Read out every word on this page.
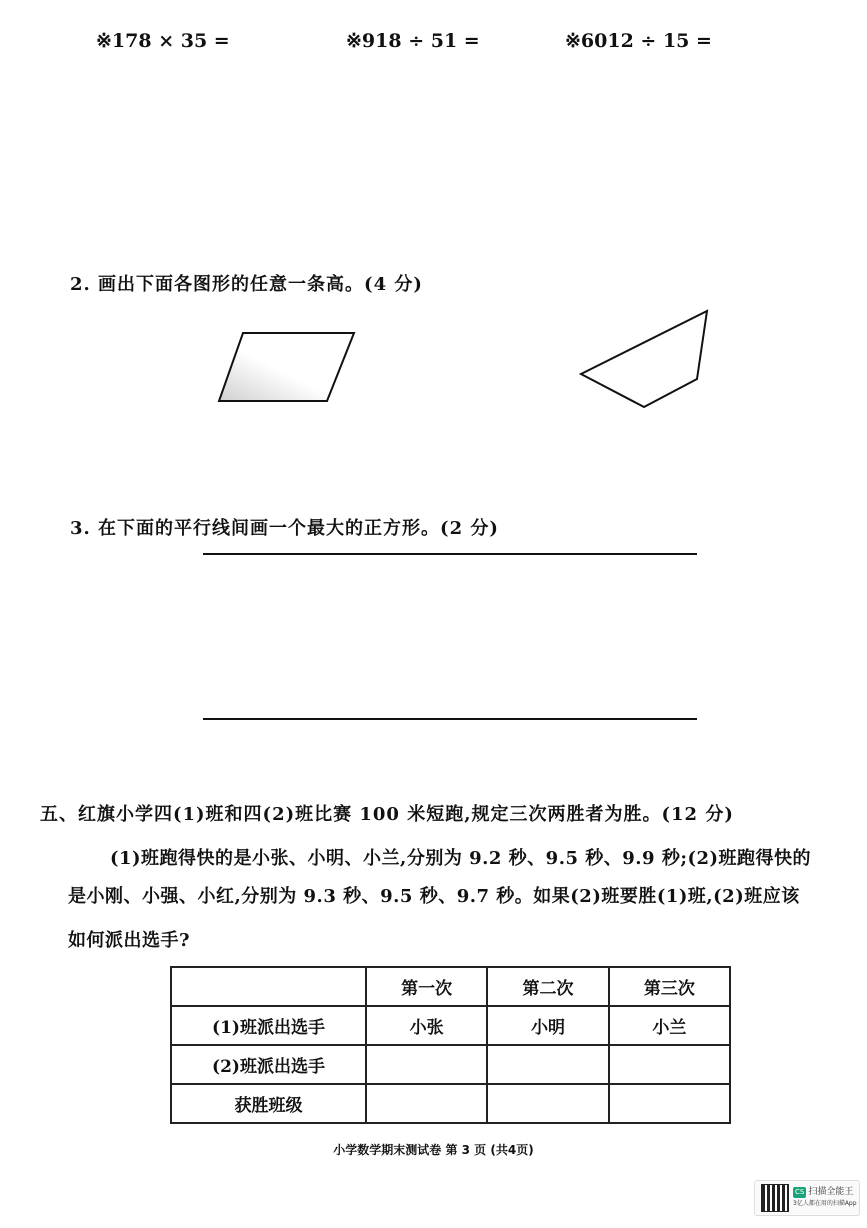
※178 × 35 =	※918 ÷ 51 =	※6012 ÷ 15 =
2. 画出下面各图形的任意一条高。(4 分)
3. 在下面的平行线间画一个最大的正方形。(2 分)
五、红旗小学四(1)班和四(2)班比赛 100 米短跑,规定三次两胜者为胜。(12 分)
(1)班跑得快的是小张、小明、小兰,分别为 9.2 秒、9.5 秒、9.9 秒;(2)班跑得快的
是小刚、小强、小红,分别为 9.3 秒、9.5 秒、9.7 秒。如果(2)班要胜(1)班,(2)班应该
如何派出选手?
	第一次	第二次	第三次
(1)班派出选手	小张	小明	小兰
(2)班派出选手			
获胜班级			
小学数学期末测试卷 第 3 页 (共4页)
CS 扫描全能王
3亿人都在用的扫描App
